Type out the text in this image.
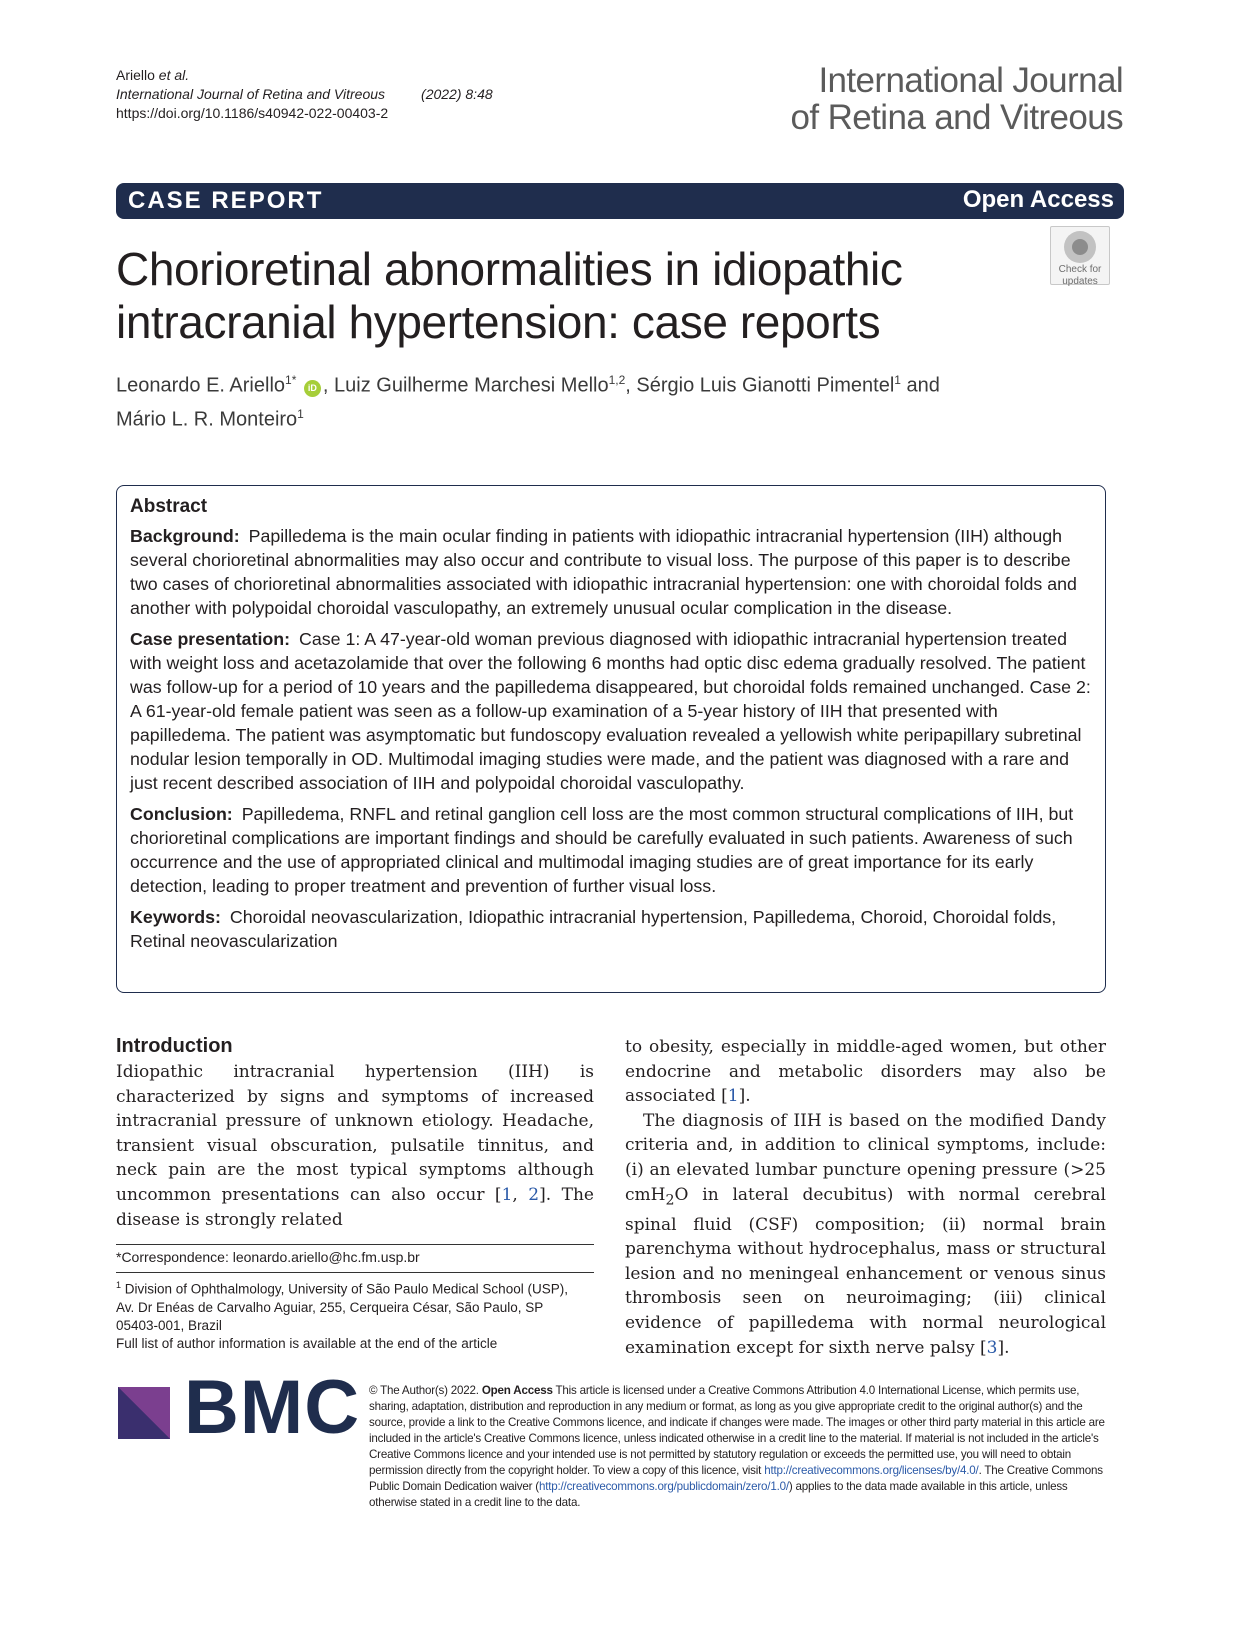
Ariello et al.
International Journal of Retina and Vitreous	(2022) 8:48
https://doi.org/10.1186/s40942-022-00403-2
International Journal
of Retina and Vitreous
CASE REPORT	Open Access
Chorioretinal abnormalities in idiopathic
intracranial hypertension: case reports
Check for
updates
Leonardo E. Ariello$^{1*}$ iD , Luiz Guilherme Marchesi Mello$^{1,2}$, Sérgio Luis Gianotti Pimentel$^1$ and
Mário L. R. Monteiro$^1$
Abstract

Background: Papilledema is the main ocular finding in patients with idiopathic intracranial hypertension (IIH) although several chorioretinal abnormalities may also occur and contribute to visual loss. The purpose of this paper is to describe two cases of chorioretinal abnormalities associated with idiopathic intracranial hypertension: one with choroidal folds and another with polypoidal choroidal vasculopathy, an extremely unusual ocular complication in the disease.

Case presentation: Case 1: A 47-year-old woman previous diagnosed with idiopathic intracranial hypertension treated with weight loss and acetazolamide that over the following 6 months had optic disc edema gradually resolved. The patient was follow-up for a period of 10 years and the papilledema disappeared, but choroidal folds remained unchanged. Case 2: A 61-year-old female patient was seen as a follow-up examination of a 5-year history of IIH that presented with papilledema. The patient was asymptomatic but fundoscopy evaluation revealed a yellowish white peripapillary subretinal nodular lesion temporally in OD. Multimodal imaging studies were made, and the patient was diagnosed with a rare and just recent described association of IIH and polypoidal choroidal vasculopathy.

Conclusion: Papilledema, RNFL and retinal ganglion cell loss are the most common structural complications of IIH, but chorioretinal complications are important findings and should be carefully evaluated in such patients. Awareness of such occurrence and the use of appropriated clinical and multimodal imaging studies are of great importance for its early detection, leading to proper treatment and prevention of further visual loss.

Keywords: Choroidal neovascularization, Idiopathic intracranial hypertension, Papilledema, Choroid, Choroidal folds, Retinal neovascularization

Introduction

Idiopathic intracranial hypertension (IIH) is characterized by signs and symptoms of increased intracranial pressure of unknown etiology. Headache, transient visual obscuration, pulsatile tinnitus, and neck pain are the most typical symptoms although uncommon presentations can also occur [1, 2]. The disease is strongly related

to obesity, especially in middle-aged women, but other endocrine and metabolic disorders may also be associated [1].

The diagnosis of IIH is based on the modified Dandy criteria and, in addition to clinical symptoms, include: (i) an elevated lumbar puncture opening pressure (>25 cmH$_2$O in lateral decubitus) with normal cerebral spinal fluid (CSF) composition; (ii) normal brain parenchyma without hydrocephalus, mass or structural lesion and no meningeal enhancement or venous sinus thrombosis seen on neuroimaging; (iii) clinical evidence of papilledema with normal neurological examination except for sixth nerve palsy [3].

*Correspondence: leonardo.ariello@hc.fm.usp.br
$^1$ Division of Ophthalmology, University of São Paulo Medical School (USP), Av. Dr Enéas de Carvalho Aguiar, 255, Cerqueira César, São Paulo, SP 05403-001, Brazil
Full list of author information is available at the end of the article
BMC © The Author(s) 2022. Open Access This article is licensed under a Creative Commons Attribution 4.0 International License, which permits use, sharing, adaptation, distribution and reproduction in any medium or format, as long as you give appropriate credit to the original author(s) and the source, provide a link to the Creative Commons licence, and indicate if changes were made. The images or other third party material in this article are included in the article's Creative Commons licence, unless indicated otherwise in a credit line to the material. If material is not included in the article's Creative Commons licence and your intended use is not permitted by statutory regulation or exceeds the permitted use, you will need to obtain permission directly from the copyright holder. To view a copy of this licence, visit http://creativecommons.org/licenses/by/4.0/. The Creative Commons Public Domain Dedication waiver (http://creativecommons.org/publicdomain/zero/1.0/) applies to the data made available in this article, unless otherwise stated in a credit line to the data.
